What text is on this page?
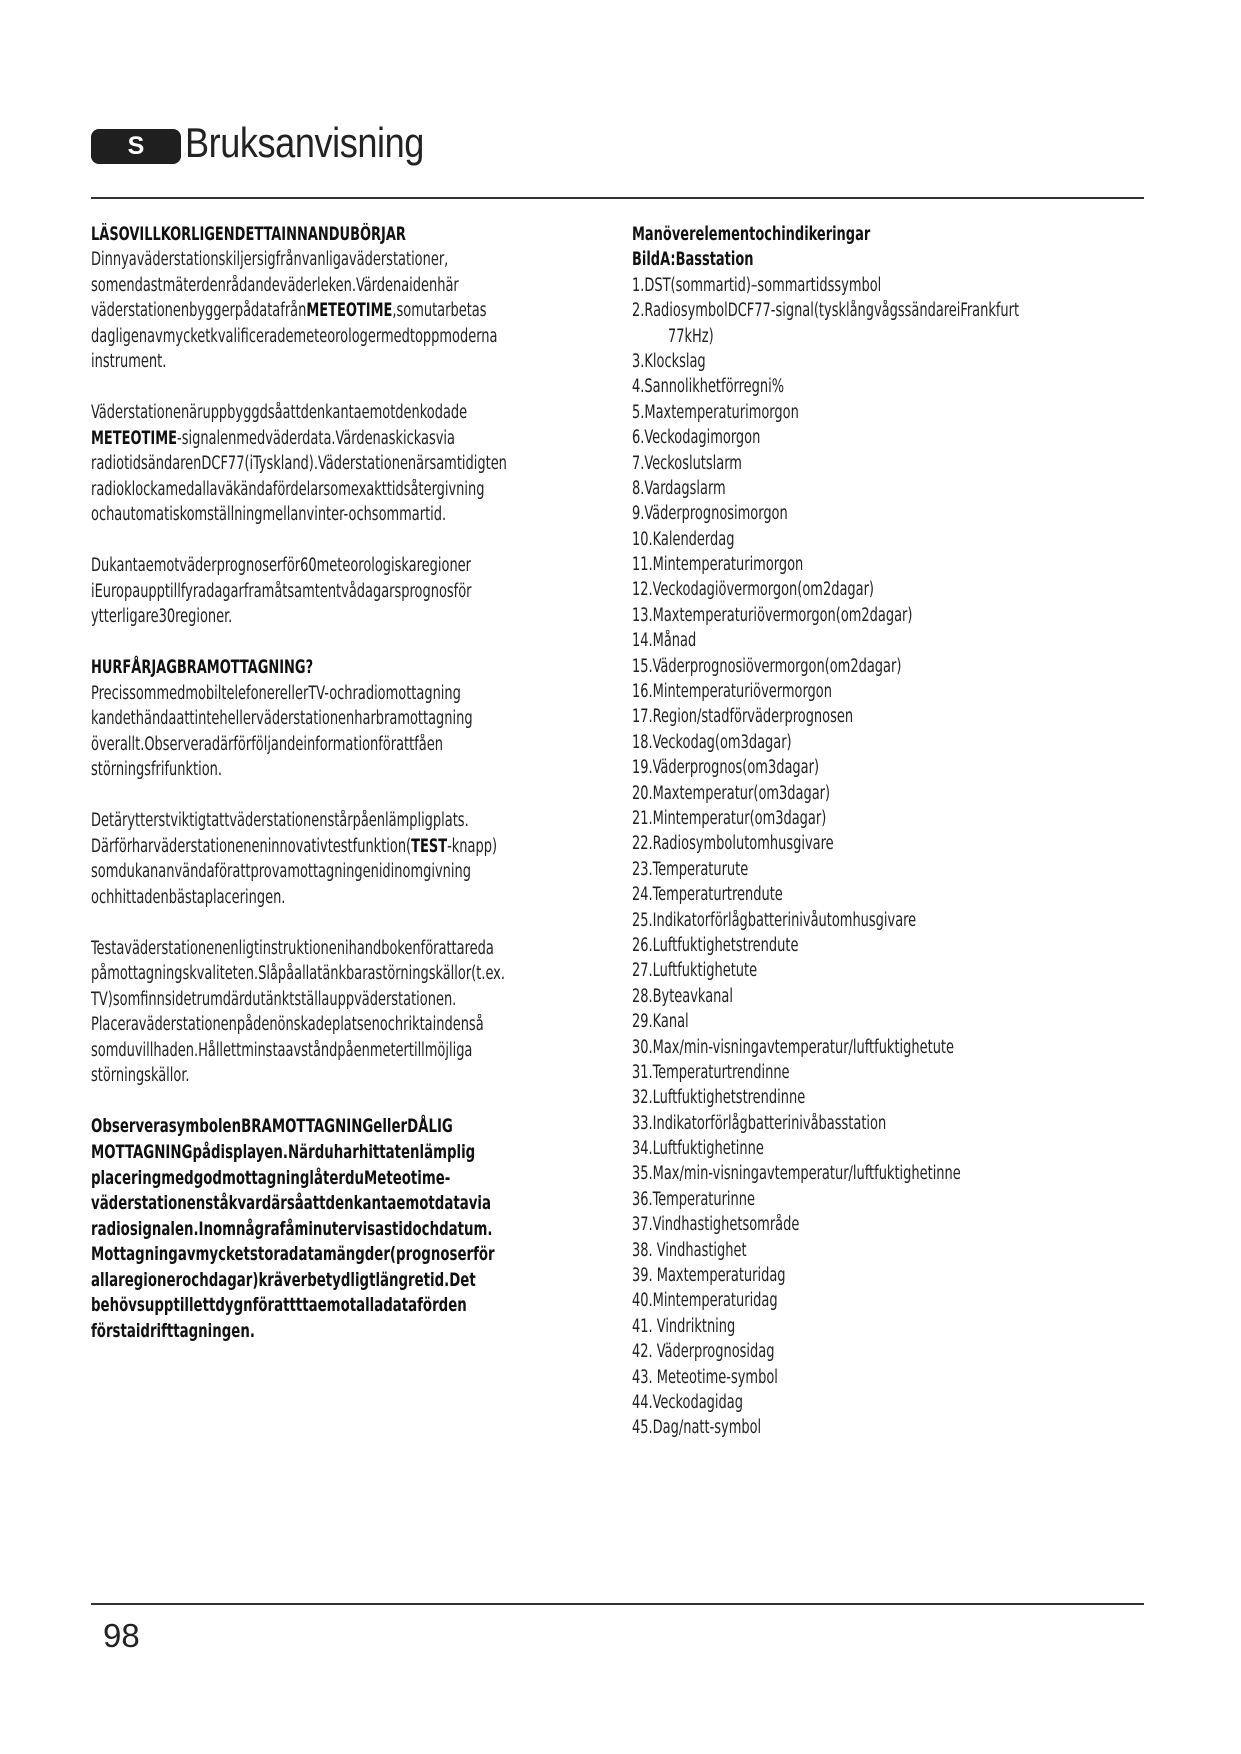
S Bruksanvisning
LÄSOVILLKORLIGENDETTAINNANDUBÖRJAR
Dinnyaväderstationskiljersigfrånvanligaväderstationer,
somendastmäterdenrådandeväderleken.Värdenaidenhär
väderstationenbyggerpådatafrånMETEOTIME,somutarbetas
dagligenavmycketkvalificerademeteorologermedtoppmoderna
instrument.
Väderstationenäruppbyggdsåattdenkantaemotdenkodade
METEOTIME-signalenmedväderdata.Värdenaskickasvia
radiotidsändarenDCF77(iTyskland).Väderstationenärsamtidigten
radioklockamedallaväkändafördelarsomexakttidsåtergivning
ochautomatiskomställningmellanvinter-ochsommartid.
Dukantaemotväderprognoserför60meteorologiskaregioner
iEuropaupptillfyradagarframåtsamtentvådagarsprognosför
ytterligare30regioner.
HURFÅRJAGBRAMOTTAGNING?
PrecissommedmobiltelefonerellerTV-ochradiomottagning
kandethändaattintehellerväderstationenharbramottagning
överallt.Observeradärförföljandeinformationförattfåen
störningsfrifunktion.
Detärytterstviktigtattväderstationenstårpåenlämpligplats.
Därförharväderstationeneninnovativtestfunktion(TEST-knapp)
somdukananvändaförattprovamottagningenidinomgivning
ochhittadenbästaplaceringen.
Testaväderstationenenligtinstruktionenihandbokenförattareda
påmottagningskvaliteten.Slåpåallatänkbarastörningskällor(t.ex.
TV)somfinnsidetrumdärdutänktställauppväderstationen.
Placeraväderstationenpådenönskadeplatsenochriktaindenså
somduvillhaden.Hållettminstaavståndpåenmetertillmöjliga
störningskällor.
ObserverasymbolenBRAMOTTAGNINGellerDÅLIG
MOTTAGNINGpådisplayen.Närduharhittatenlämplig
placeringmedgodmottagninglåterduMeteotime-
väderstationenståkvardärsåattdenkantaemotdatavia
radiosignalen.Inomnågrafåminutervisastidochdatum.
Mottagningavmycketstoradatamängder(prognoserför
allaregionerochdagar)kräverbetydligtlängretid.Det
behövsupptillettdygnförattttaemotalladataförden
förstaidrifttagningen.
Manöverelementochindikeringar
BildA:Basstation
1.DST(sommartid)–sommartidssymbol
2.RadiosymbolDCF77-signal(tysklångvågssändareiFrankfurt
77kHz)
3.Klockslag
4.Sannolikhetförregni%
5.Maxtemperaturimorgon
6.Veckodagimorgon
7.Veckoslutslarm
8.Vardagslarm
9.Väderprognosimorgon
10.Kalenderdag
11.Mintemperaturimorgon
12.Veckodagiövermorgon(om2dagar)
13.Maxtemperaturiövermorgon(om2dagar)
14.Månad
15.Väderprognosiövermorgon(om2dagar)
16.Mintemperaturiövermorgon
17.Region/stadförväderprognosen
18.Veckodag(om3dagar)
19.Väderprognos(om3dagar)
20.Maxtemperatur(om3dagar)
21.Mintemperatur(om3dagar)
22.Radiosymbolutomhusgivare
23.Temperaturute
24.Temperaturtrendute
25.Indikatorförlågbatterinivåutomhusgivare
26.Luftfuktighetstrendute
27.Luftfuktighetute
28.Byteavkanal
29.Kanal
30.Max/min-visningavtemperatur/luftfuktighetute
31.Temperaturtrendinne
32.Luftfuktighetstrendinne
33.Indikatorförlågbatterinivåbasstation
34.Luftfuktighetinne
35.Max/min-visningavtemperatur/luftfuktighetinne
36.Temperaturinne
37.Vindhastighetsområde
38. Vindhastighet
39. Maxtemperaturidag
40.Mintemperaturidag
41. Vindriktning
42. Väderprognosidag
43. Meteotime-symbol
44.Veckodagidag
45.Dag/natt-symbol
98
